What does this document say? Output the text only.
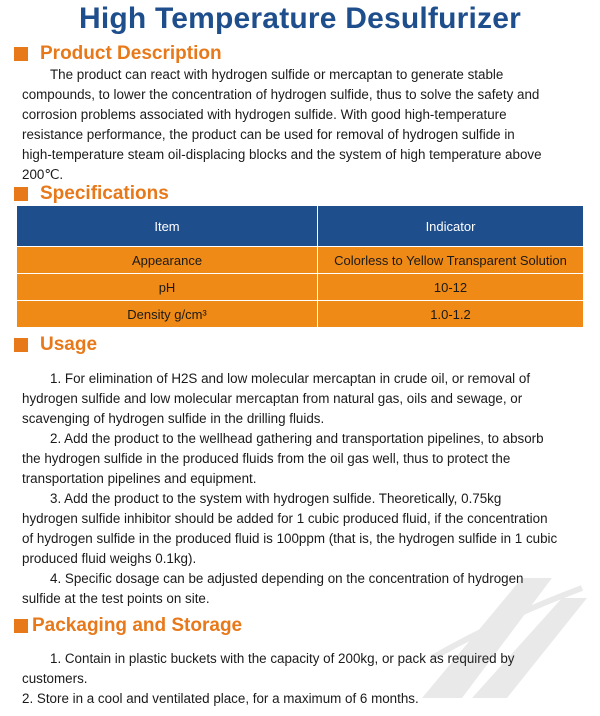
High Temperature Desulfurizer
Product Description
The product can react with hydrogen sulfide or mercaptan to generate stable
compounds, to lower the concentration of hydrogen sulfide, thus to solve the safety and
corrosion problems associated with hydrogen sulfide. With good high-temperature
resistance performance, the product can be used for removal of hydrogen sulfide in
high-temperature steam oil-displacing blocks and the system of high temperature above
200℃.
Specifications
Item	Indicator
Appearance	Colorless to Yellow Transparent Solution
pH	10-12
Density g/cm³	1.0-1.2
Usage
1. For elimination of H2S and low molecular mercaptan in crude oil, or removal of
hydrogen sulfide and low molecular mercaptan from natural gas, oils and sewage, or
scavenging of hydrogen sulfide in the drilling fluids.
2. Add the product to the wellhead gathering and transportation pipelines, to absorb
the hydrogen sulfide in the produced fluids from the oil gas well, thus to protect the
transportation pipelines and equipment.
3. Add the product to the system with hydrogen sulfide. Theoretically, 0.75kg
hydrogen sulfide inhibitor should be added for 1 cubic produced fluid, if the concentration
of hydrogen sulfide in the produced fluid is 100ppm (that is, the hydrogen sulfide in 1 cubic
produced fluid weighs 0.1kg).
4. Specific dosage can be adjusted depending on the concentration of hydrogen
sulfide at the test points on site.
Packaging and Storage
1. Contain in plastic buckets with the capacity of 200kg, or pack as required by
customers.
2. Store in a cool and ventilated place, for a maximum of 6 months.
